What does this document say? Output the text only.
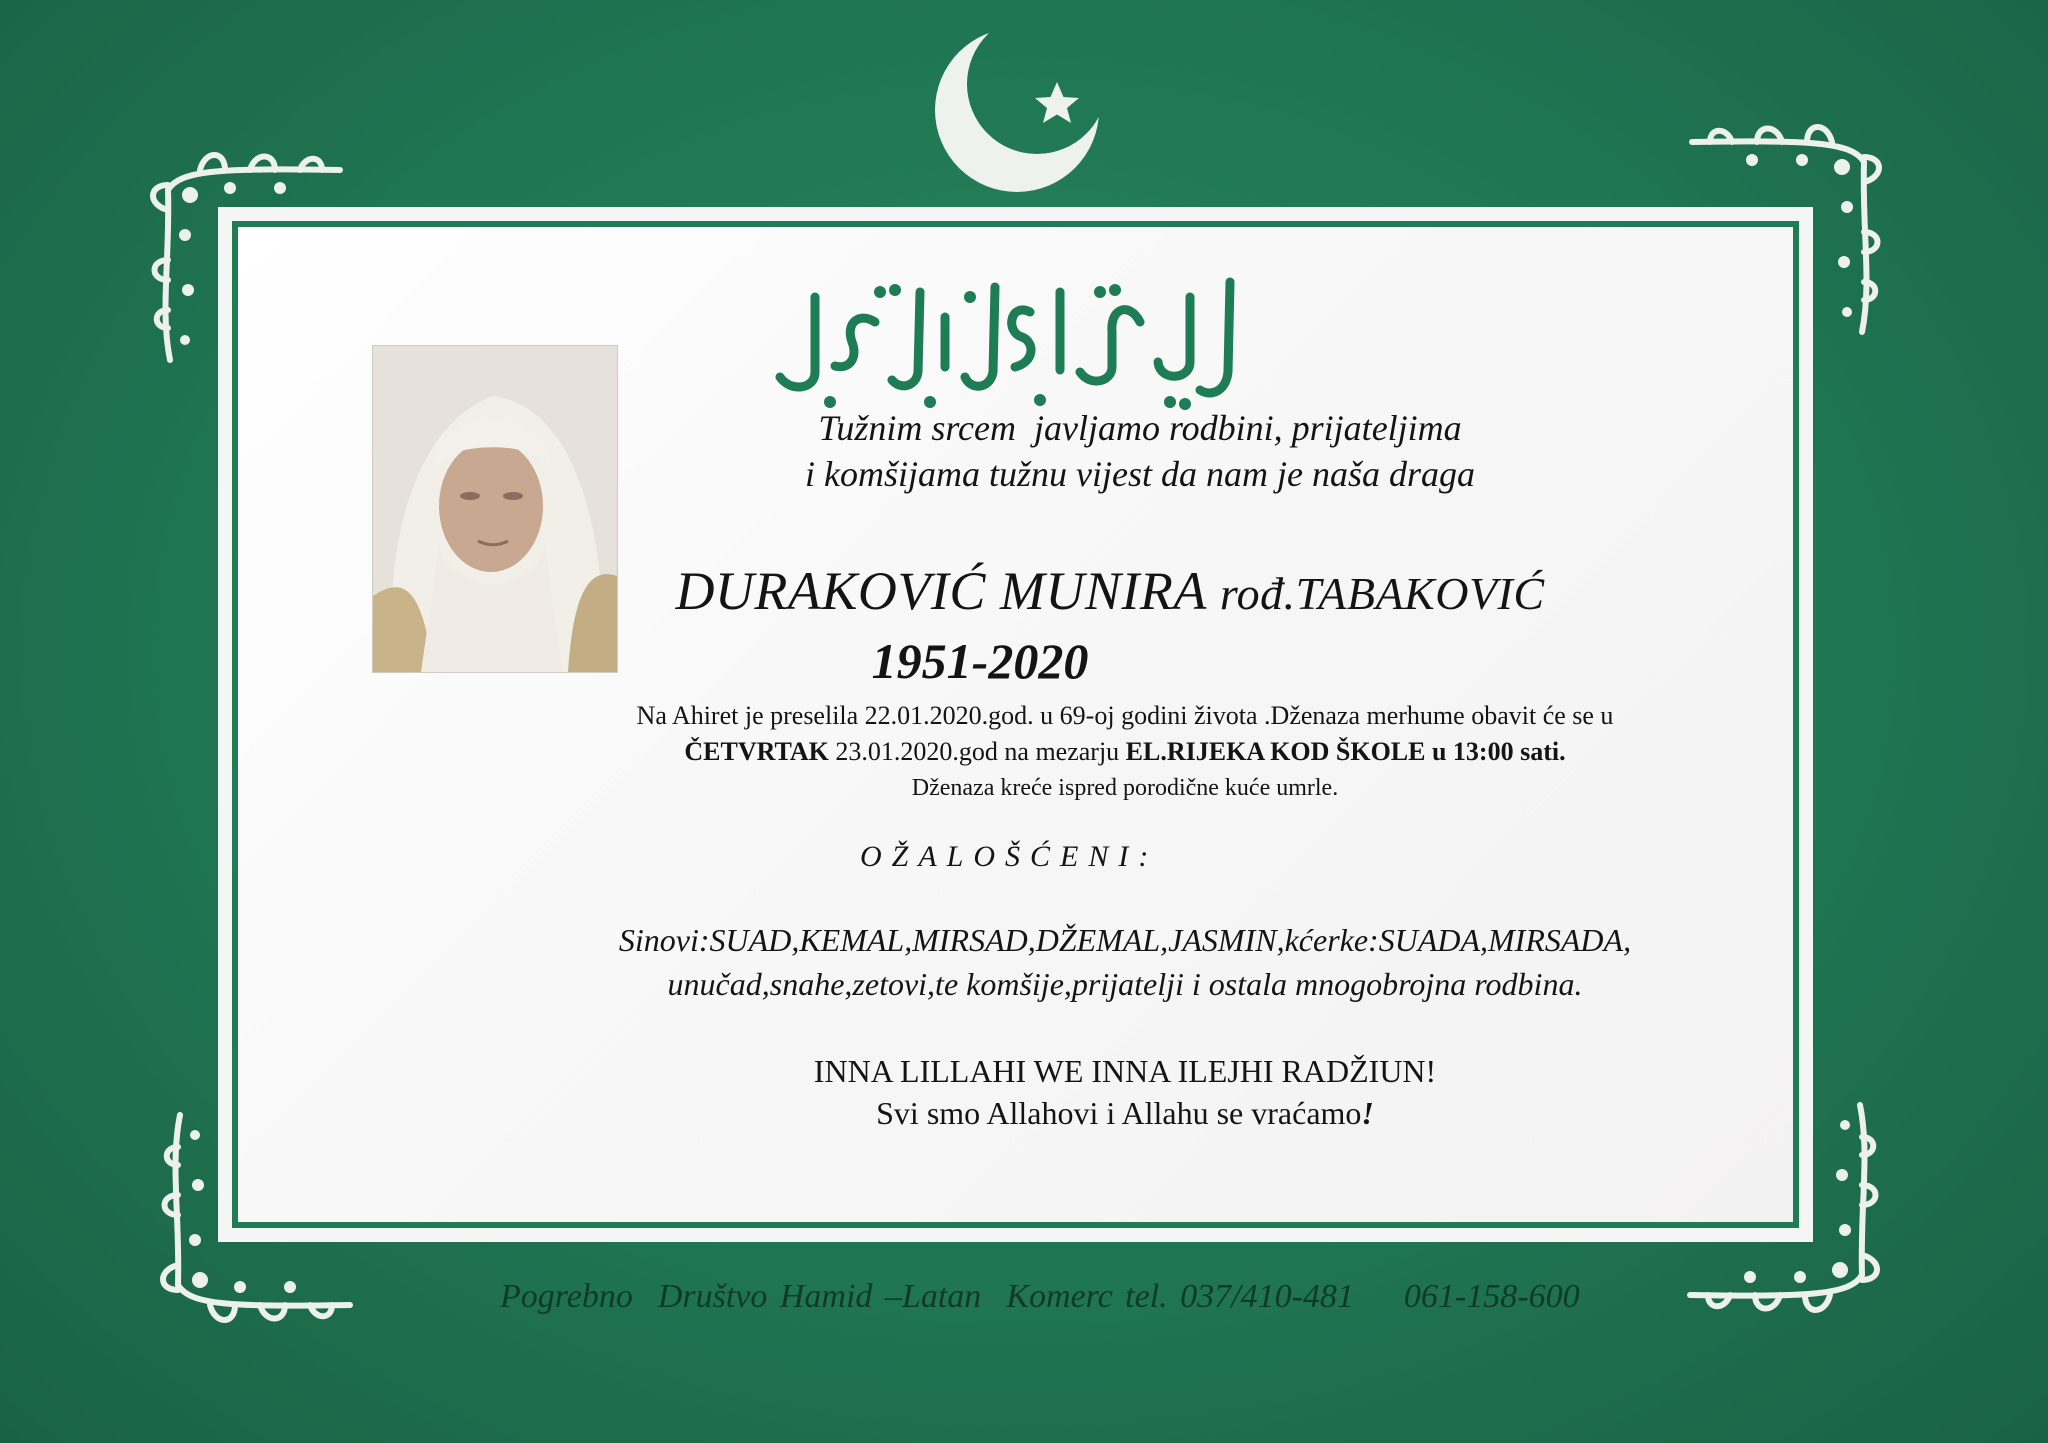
Tužnim srcem  javljamo rodbini, prijateljima
i komšijama tužnu vijest da nam je naša draga
DURAKOVIĆ MUNIRA rođ.TABAKOVIĆ
1951-2020
Na Ahiret je preselila 22.01.2020.god. u 69-oj godini života .Dženaza merhume obavit će se u
ČETVRTAK 23.01.2020.god na mezarju EL.RIJEKA KOD ŠKOLE u 13:00 sati.
Dženaza kreće ispred porodične kuće umrle.
OŽALOŠĆENI:
Sinovi:SUAD,KEMAL,MIRSAD,DŽEMAL,JASMIN,kćerke:SUADA,MIRSADA,
unučad,snahe,zetovi,te komšije,prijatelji i ostala mnogobrojna rodbina.
INNA LILLAHI WE INNA ILEJHI RADŽIUN!
Svi smo Allahovi i Allahu se vraćamo!
Pogrebno  Društvo Hamid –Latan  Komerc tel. 037/410-481    061-158-600
